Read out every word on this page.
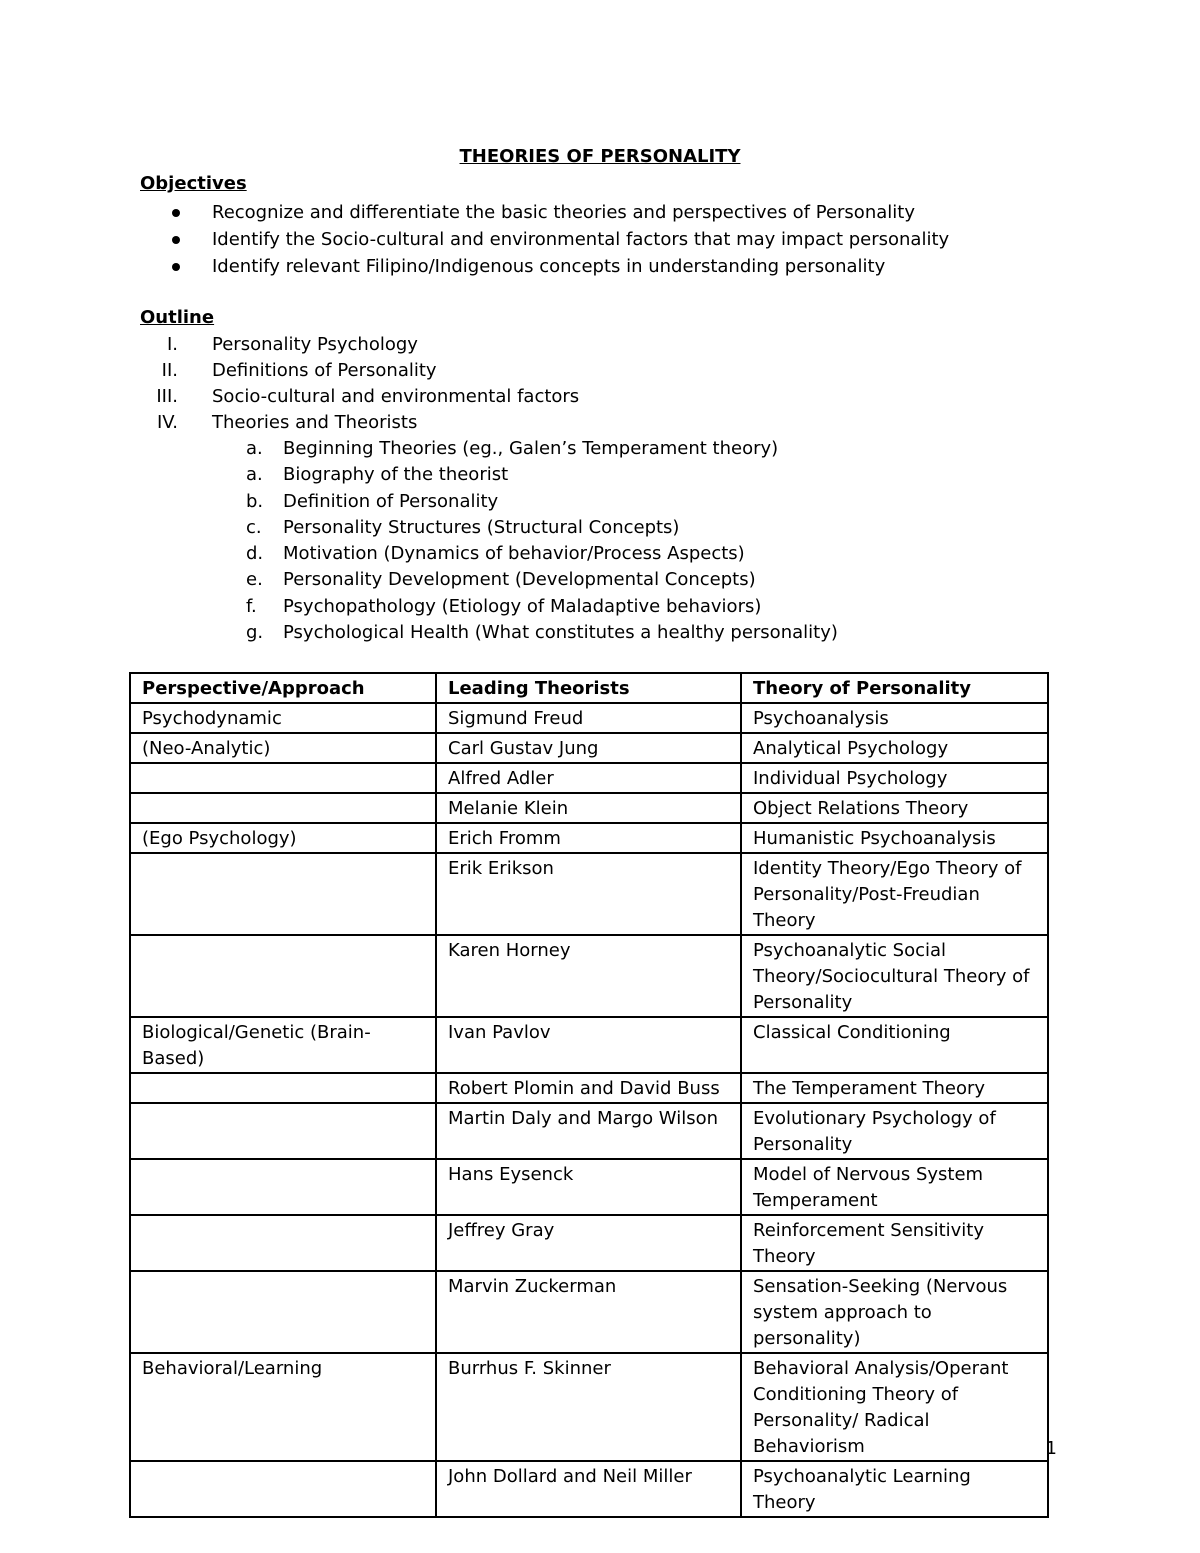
THEORIES OF PERSONALITY
Objectives
Recognize and differentiate the basic theories and perspectives of Personality
Identify the Socio-cultural and environmental factors that may impact personality
Identify relevant Filipino/Indigenous concepts in understanding personality
Outline
I. Personality Psychology
II. Definitions of Personality
III. Socio-cultural and environmental factors
IV. Theories and Theorists
a. Beginning Theories (eg., Galen’s Temperament theory)
a. Biography of the theorist
b. Definition of Personality
c. Personality Structures (Structural Concepts)
d. Motivation (Dynamics of behavior/Process Aspects)
e. Personality Development (Developmental Concepts)
f. Psychopathology (Etiology of Maladaptive behaviors)
g. Psychological Health (What constitutes a healthy personality)
Perspective/Approach	Leading Theorists	Theory of Personality
Psychodynamic	Sigmund Freud	Psychoanalysis
(Neo-Analytic)	Carl Gustav Jung	Analytical Psychology
	Alfred Adler	Individual Psychology
	Melanie Klein	Object Relations Theory
(Ego Psychology)	Erich Fromm	Humanistic Psychoanalysis
	Erik Erikson	Identity Theory/Ego Theory of Personality/Post-Freudian Theory
	Karen Horney	Psychoanalytic Social Theory/Sociocultural Theory of Personality
Biological/Genetic (Brain-Based)	Ivan Pavlov	Classical Conditioning
	Robert Plomin and David Buss	The Temperament Theory
	Martin Daly and Margo Wilson	Evolutionary Psychology of Personality
	Hans Eysenck	Model of Nervous System Temperament
	Jeffrey Gray	Reinforcement Sensitivity Theory
	Marvin Zuckerman	Sensation-Seeking (Nervous system approach to personality)
Behavioral/Learning	Burrhus F. Skinner	Behavioral Analysis/Operant Conditioning Theory of Personality/ Radical Behaviorism
	John Dollard and Neil Miller	Psychoanalytic Learning Theory
1
